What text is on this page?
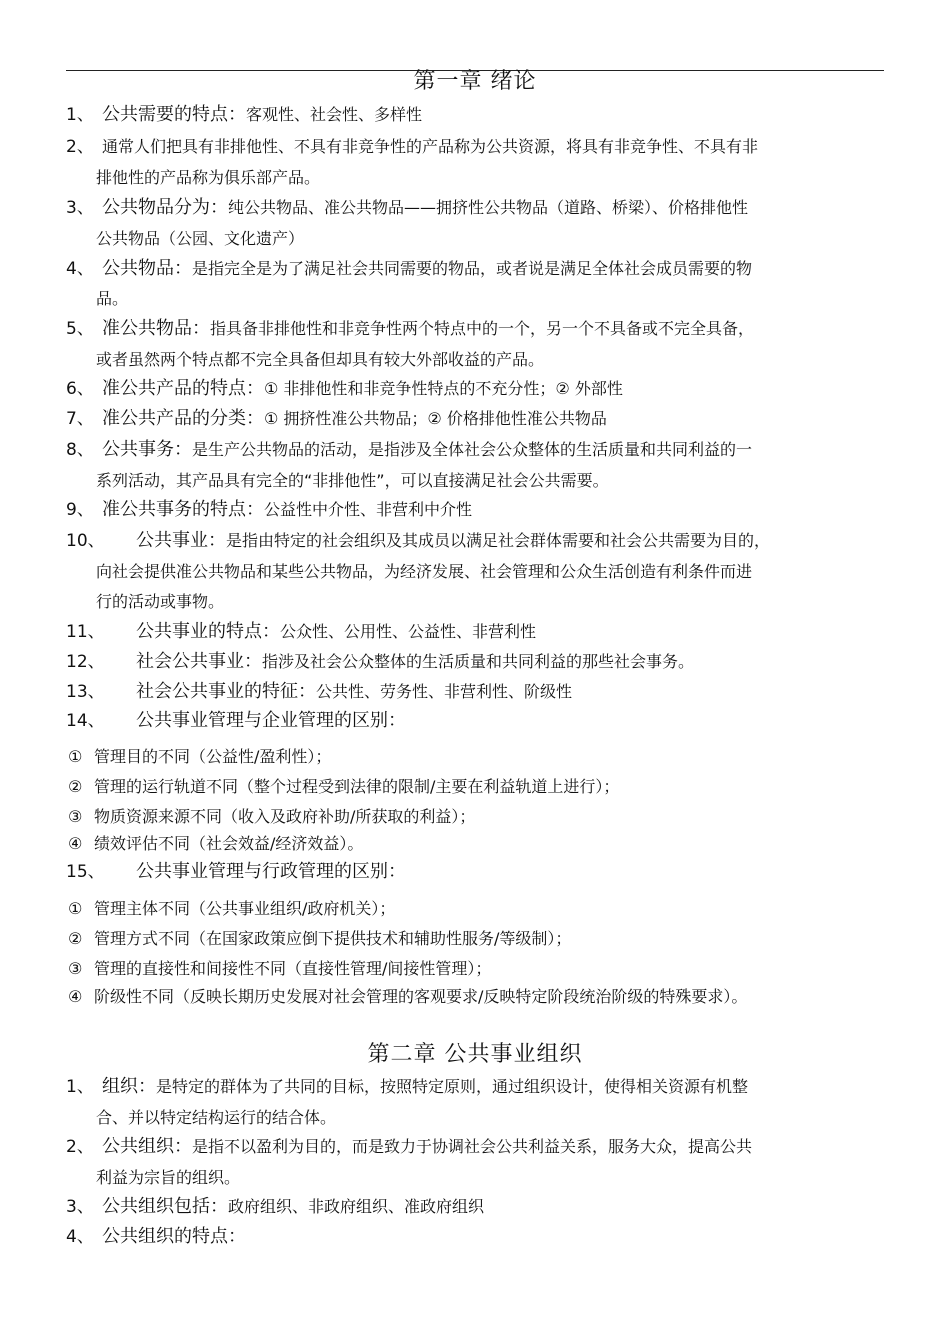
第一章 绪论
1、 公共需要的特点：客观性、社会性、多样性
2、 通常人们把具有非排他性、不具有非竞争性的产品称为公共资源，将具有非竞争性、不具有非
排他性的产品称为俱乐部产品。
3、 公共物品分为：纯公共物品、准公共物品——拥挤性公共物品（道路、桥梁）、价格排他性
公共物品（公园、文化遗产）
4、 公共物品：是指完全是为了满足社会共同需要的物品，或者说是满足全体社会成员需要的物
品。
5、 准公共物品：指具备非排他性和非竞争性两个特点中的一个，另一个不具备或不完全具备，
或者虽然两个特点都不完全具备但却具有较大外部收益的产品。
6、 准公共产品的特点：① 非排他性和非竞争性特点的不充分性；② 外部性
7、 准公共产品的分类：① 拥挤性准公共物品；② 价格排他性准公共物品
8、 公共事务：是生产公共物品的活动，是指涉及全体社会公众整体的生活质量和共同利益的一
系列活动，其产品具有完全的“非排他性”，可以直接满足社会公共需要。
9、 准公共事务的特点：公益性中介性、非营利中介性
10、 公共事业：是指由特定的社会组织及其成员以满足社会群体需要和社会公共需要为目的，
向社会提供准公共物品和某些公共物品，为经济发展、社会管理和公众生活创造有利条件而进
行的活动或事物。
11、 公共事业的特点：公众性、公用性、公益性、非营利性
12、 社会公共事业：指涉及社会公众整体的生活质量和共同利益的那些社会事务。
13、 社会公共事业的特征：公共性、劳务性、非营利性、阶级性
14、 公共事业管理与企业管理的区别：
① 管理目的不同（公益性/盈利性）；
② 管理的运行轨道不同（整个过程受到法律的限制/主要在利益轨道上进行）；
③ 物质资源来源不同（收入及政府补助/所获取的利益）；
④ 绩效评估不同（社会效益/经济效益）。
15、 公共事业管理与行政管理的区别：
① 管理主体不同（公共事业组织/政府机关）；
② 管理方式不同（在国家政策应倒下提供技术和辅助性服务/等级制）；
③ 管理的直接性和间接性不同（直接性管理/间接性管理）；
④ 阶级性不同（反映长期历史发展对社会管理的客观要求/反映特定阶段统治阶级的特殊要求）。
第二章 公共事业组织
1、 组织：是特定的群体为了共同的目标，按照特定原则，通过组织设计，使得相关资源有机整
合、并以特定结构运行的结合体。
2、 公共组织：是指不以盈利为目的，而是致力于协调社会公共利益关系，服务大众，提高公共
利益为宗旨的组织。
3、 公共组织包括：政府组织、非政府组织、准政府组织
4、 公共组织的特点：
